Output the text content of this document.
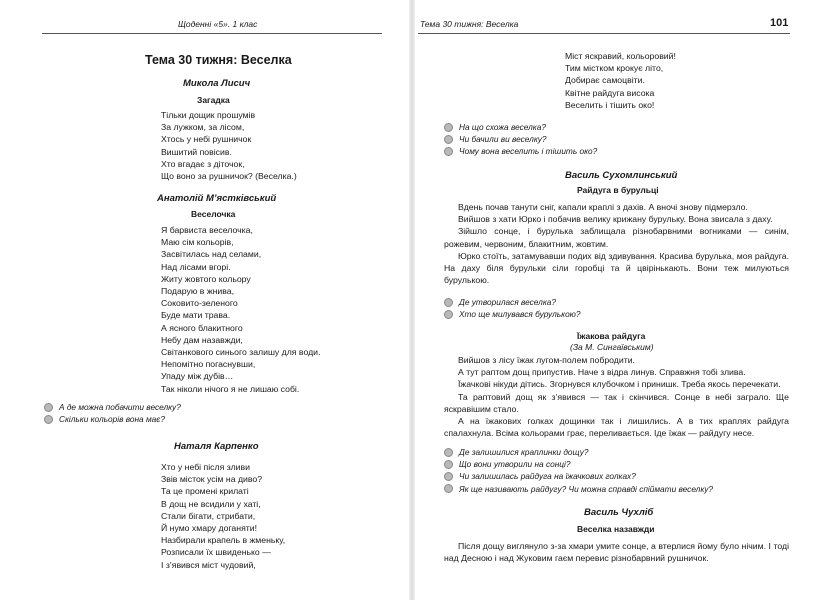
Щоденні «5». 1 клас
Тема 30 тижня: Веселка
Микола Лисич
Загадка
Тільки дощик прошумів
За лужком, за лісом,
Хтось у небі рушничок
Вишитий повісив.
Хто вгадає з діточок,
Що воно за рушничок? (Веселка.)
Анатолій М’ястківський
Веселочка
Я барвиста веселочка,
Маю сім кольорів,
Засвітилась над селами,
Над лісами вгорі.
Житу жовтого кольору
Подарую в жнива,
Соковито-зеленого
Буде мати трава.
А ясного блакитного
Небу дам назавжди,
Світанкового синього залишу для води.
Непомітно погаснувши,
Упаду між дубів…
Так ніколи нічого я не лишаю собі.
А де можна побачити веселку?
Скільки кольорів вона має?
Наталя Карпенко
Хто у небі після зливи
Звів місток усім на диво?
Та це промені крилаті
В дощ не всидили у хаті,
Стали бігати, стрибати,
Й нумо хмару доганяти!
Назбирали крапель в жменьку,
Розписали їх швиденько —
І з’явився міст чудовий,
Тема 30 тижня: Веселка	101
Міст яскравий, кольоровий!
Тим містком крокує літо,
Добирає самоцвіти.
Квітне райдуга висока
Веселить і тішить око!
На що схожа веселка?
Чи бачили ви веселку?
Чому вона веселить і тішить око?
Василь Сухомлинський
Райдуга в бурульці
Вдень почав танути сніг, капали краплі з дахів. А вночі знову підмерзло.
Вийшов з хати Юрко і побачив велику крижану бурульку. Вона звисала з даху.
Зійшло сонце, і бурулька заблищала різнобарвними вогниками — синім, рожевим, червоним, блакитним, жовтим.
Юрко стоїть, затамувавши подих від здивування. Красива бурулька, моя райдуга. На даху біля бурульки сіли горобці та й цвірінькають. Вони теж милуються бурулькою.
Де утворилася веселка?
Хто ще милувався бурулькою?
Їжакова райдуга
(За М. Сингаївським)
Вийшов з лісу їжак лугом-полем побродити.
А тут раптом дощ припустив. Наче з відра линув. Справжня тобі злива.
Їжачкові нікуди дітись. Згорнувся клубочком і принишк. Треба якось перечекати.
Та раптовий дощ як з’явився — так і скінчився. Сонце в небі заграло. Ще яскравішим стало.
А на їжакових голках дощинки так і лишились. А в тих краплях райдуга спалахнула. Всіма кольорами грає, переливається. Іде їжак — райдугу несе.
Де залишилися краплинки дощу?
Що вони утворили на сонці?
Чи залишилась райдуга на їжачкових голках?
Як ще називають райдугу? Чи можна справді спіймати веселку?
Василь Чухліб
Веселка назавжди
Після дощу виглянуло з-за хмари умите сонце, а втерлися йому було нічим. І тоді над Десною і над Жуковим гаєм перевис різнобарвний рушничок.
